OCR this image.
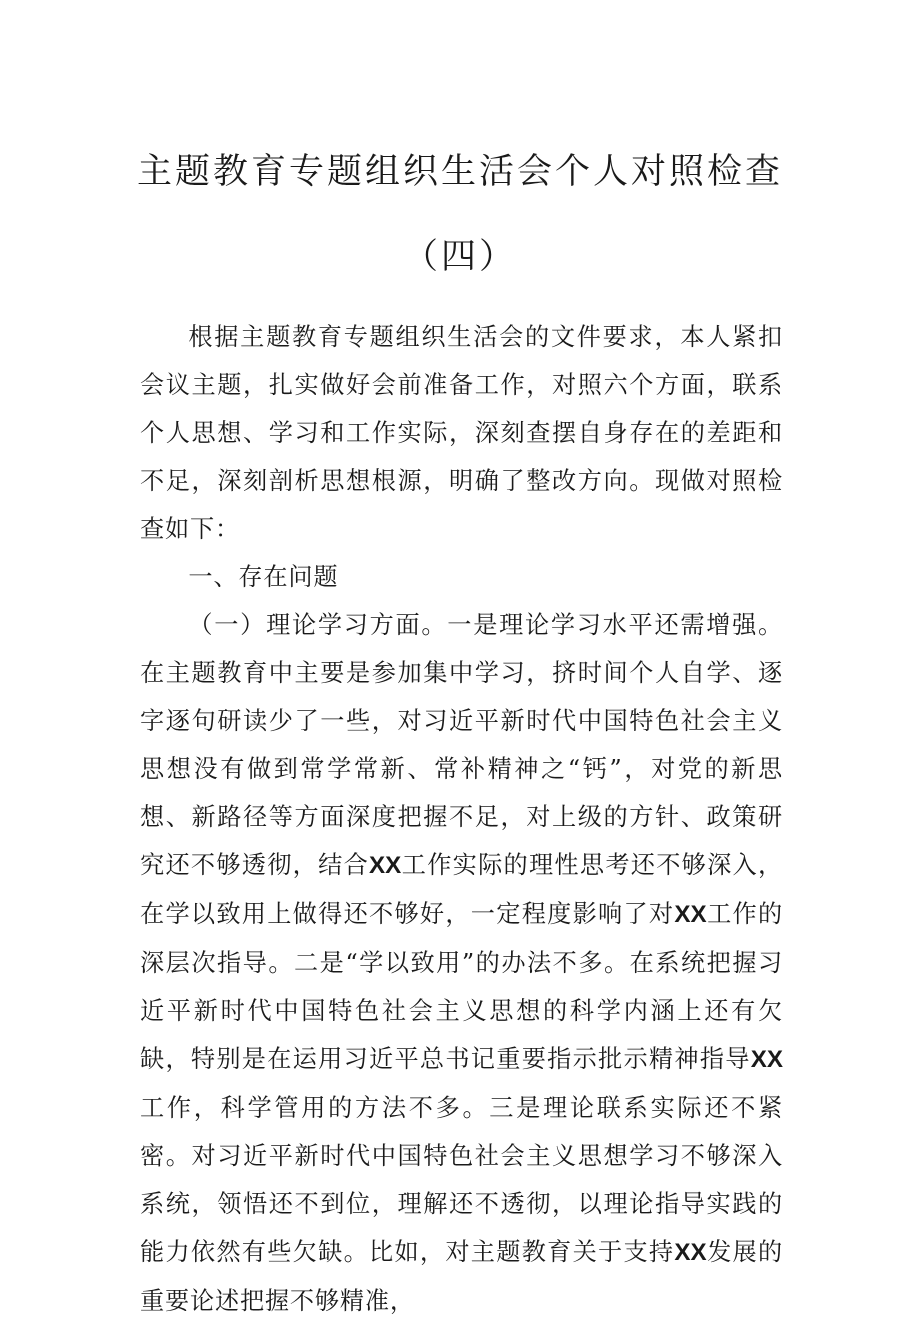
主题教育专题组织生活会个人对照检查
（四）

根据主题教育专题组织生活会的文件要求，本人紧扣会议主题，扎实做好会前准备工作，对照六个方面，联系个人思想、学习和工作实际，深刻查摆自身存在的差距和不足，深刻剖析思想根源，明确了整改方向。现做对照检查如下：

一、存在问题

（一）理论学习方面。一是理论学习水平还需增强。在主题教育中主要是参加集中学习，挤时间个人自学、逐字逐句研读少了一些，对习近平新时代中国特色社会主义思想没有做到常学常新、常补精神之“钙”，对党的新思想、新路径等方面深度把握不足，对上级的方针、政策研究还不够透彻，结合XX工作实际的理性思考还不够深入，在学以致用上做得还不够好，一定程度影响了对XX工作的深层次指导。二是“学以致用”的办法不多。在系统把握习近平新时代中国特色社会主义思想的科学内涵上还有欠缺，特别是在运用习近平总书记重要指示批示精神指导XX工作，科学管用的方法不多。三是理论联系实际还不紧密。对习近平新时代中国特色社会主义思想学习不够深入系统，领悟还不到位，理解还不透彻，以理论指导实践的能力依然有些欠缺。比如，对主题教育关于支持XX发展的重要论述把握不够精准，
